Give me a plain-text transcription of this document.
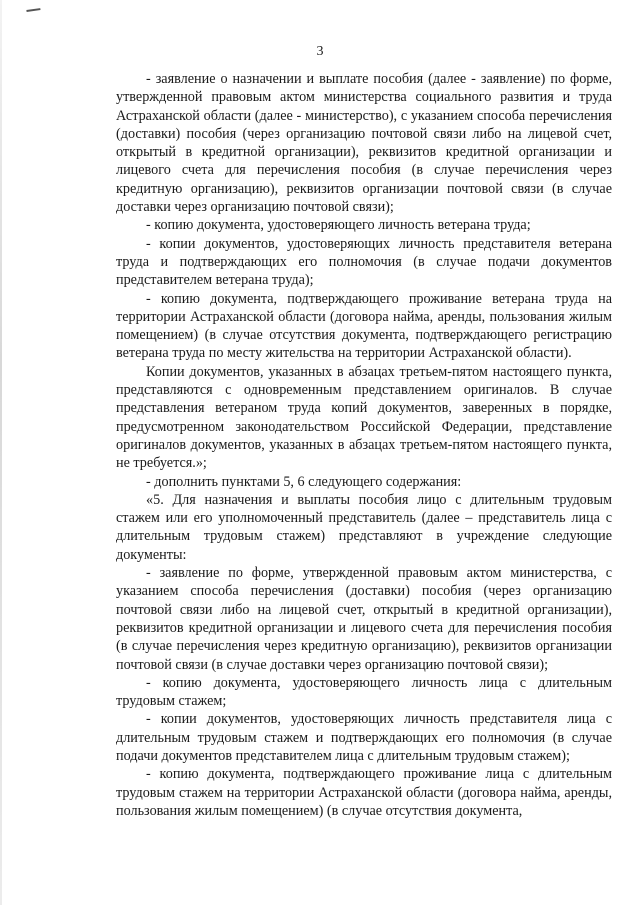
3

- заявление о назначении и выплате пособия (далее - заявление) по форме, утвержденной правовым актом министерства социального развития и труда Астраханской области (далее - министерство), с указанием способа перечисления (доставки) пособия (через организацию почтовой связи либо на лицевой счет, открытый в кредитной организации), реквизитов кредитной организации и лицевого счета для перечисления пособия (в случае перечисления через кредитную организацию), реквизитов организации почтовой связи (в случае доставки через организацию почтовой связи);

- копию документа, удостоверяющего личность ветерана труда;

- копии документов, удостоверяющих личность представителя ветерана труда и подтверждающих его полномочия (в случае подачи документов представителем ветерана труда);

- копию документа, подтверждающего проживание ветерана труда на территории Астраханской области (договора найма, аренды, пользования жилым помещением) (в случае отсутствия документа, подтверждающего регистрацию ветерана труда по месту жительства на территории Астраханской области).

Копии документов, указанных в абзацах третьем-пятом настоящего пункта, представляются с одновременным представлением оригиналов. В случае представления ветераном труда копий документов, заверенных в порядке, предусмотренном законодательством Российской Федерации, представление оригиналов документов, указанных в абзацах третьем-пятом настоящего пункта, не требуется.»;

- дополнить пунктами 5, 6 следующего содержания:

«5. Для назначения и выплаты пособия лицо с длительным трудовым стажем или его уполномоченный представитель (далее – представитель лица с длительным трудовым стажем) представляют в учреждение следующие документы:

- заявление по форме, утвержденной правовым актом министерства, с указанием способа перечисления (доставки) пособия (через организацию почтовой связи либо на лицевой счет, открытый в кредитной организации), реквизитов кредитной организации и лицевого счета для перечисления пособия (в случае перечисления через кредитную организацию), реквизитов организации почтовой связи (в случае доставки через организацию почтовой связи);

- копию документа, удостоверяющего личность лица с длительным трудовым стажем;

- копии документов, удостоверяющих личность представителя лица с длительным трудовым стажем и подтверждающих его полномочия (в случае подачи документов представителем лица с длительным трудовым стажем);

- копию документа, подтверждающего проживание лица с длительным трудовым стажем на территории Астраханской области (договора найма, аренды, пользования жилым помещением) (в случае отсутствия документа,
